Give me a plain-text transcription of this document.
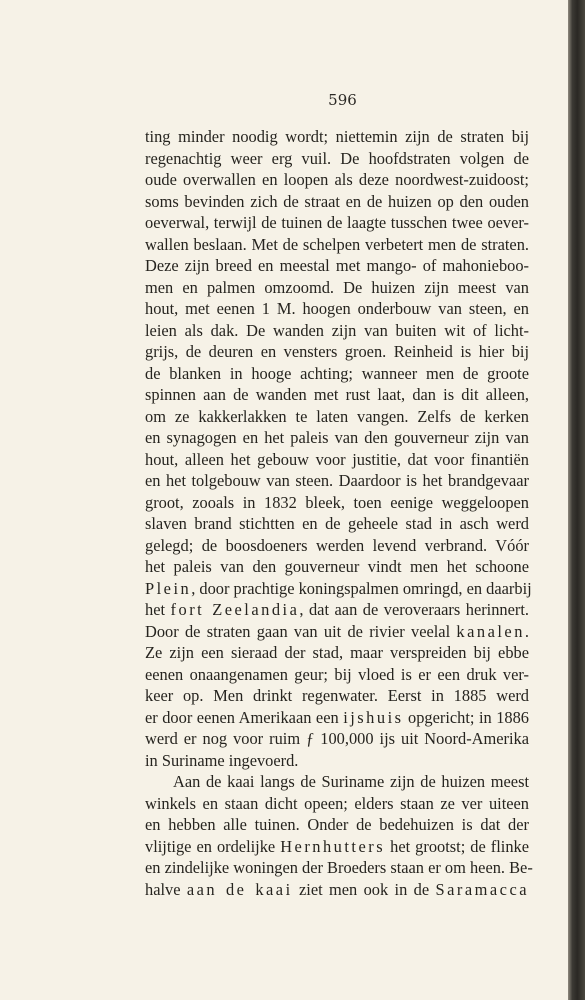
596

ting minder noodig wordt; niettemin zijn de straten bij
regenachtig weer erg vuil. De hoofdstraten volgen de
oude overwallen en loopen als deze noordwest-zuidoost;
soms bevinden zich de straat en de huizen op den ouden
oeverwal, terwijl de tuinen de laagte tusschen twee oever-
wallen beslaan. Met de schelpen verbetert men de straten.
Deze zijn breed en meestal met mango- of mahonieboo-
men en palmen omzoomd. De huizen zijn meest van
hout, met eenen 1 M. hoogen onderbouw van steen, en
leien als dak. De wanden zijn van buiten wit of licht-
grijs, de deuren en vensters groen. Reinheid is hier bij
de blanken in hooge achting; wanneer men de groote
spinnen aan de wanden met rust laat, dan is dit alleen,
om ze kakkerlakken te laten vangen. Zelfs de kerken
en synagogen en het paleis van den gouverneur zijn van
hout, alleen het gebouw voor justitie, dat voor finantiën
en het tolgebouw van steen. Daardoor is het brandgevaar
groot, zooals in 1832 bleek, toen eenige weggeloopen
slaven brand stichtten en de geheele stad in asch werd
gelegd; de boosdoeners werden levend verbrand. Vóór
het paleis van den gouverneur vindt men het schoone
Plein, door prachtige koningspalmen omringd, en daarbij
het fort Zeelandia, dat aan de veroveraars herinnert.
Door de straten gaan van uit de rivier veelal kanalen.
Ze zijn een sieraad der stad, maar verspreiden bij ebbe
eenen onaangenamen geur; bij vloed is er een druk ver-
keer op. Men drinkt regenwater. Eerst in 1885 werd
er door eenen Amerikaan een ijshuis opgericht; in 1886
werd er nog voor ruim ƒ 100,000 ijs uit Noord-Amerika
in Suriname ingevoerd.
Aan de kaai langs de Suriname zijn de huizen meest
winkels en staan dicht opeen; elders staan ze ver uiteen
en hebben alle tuinen. Onder de bedehuizen is dat der
vlijtige en ordelijke Hernhutters het grootst; de flinke
en zindelijke woningen der Broeders staan er om heen. Be-
halve aan de kaai ziet men ook in de Saramacca
